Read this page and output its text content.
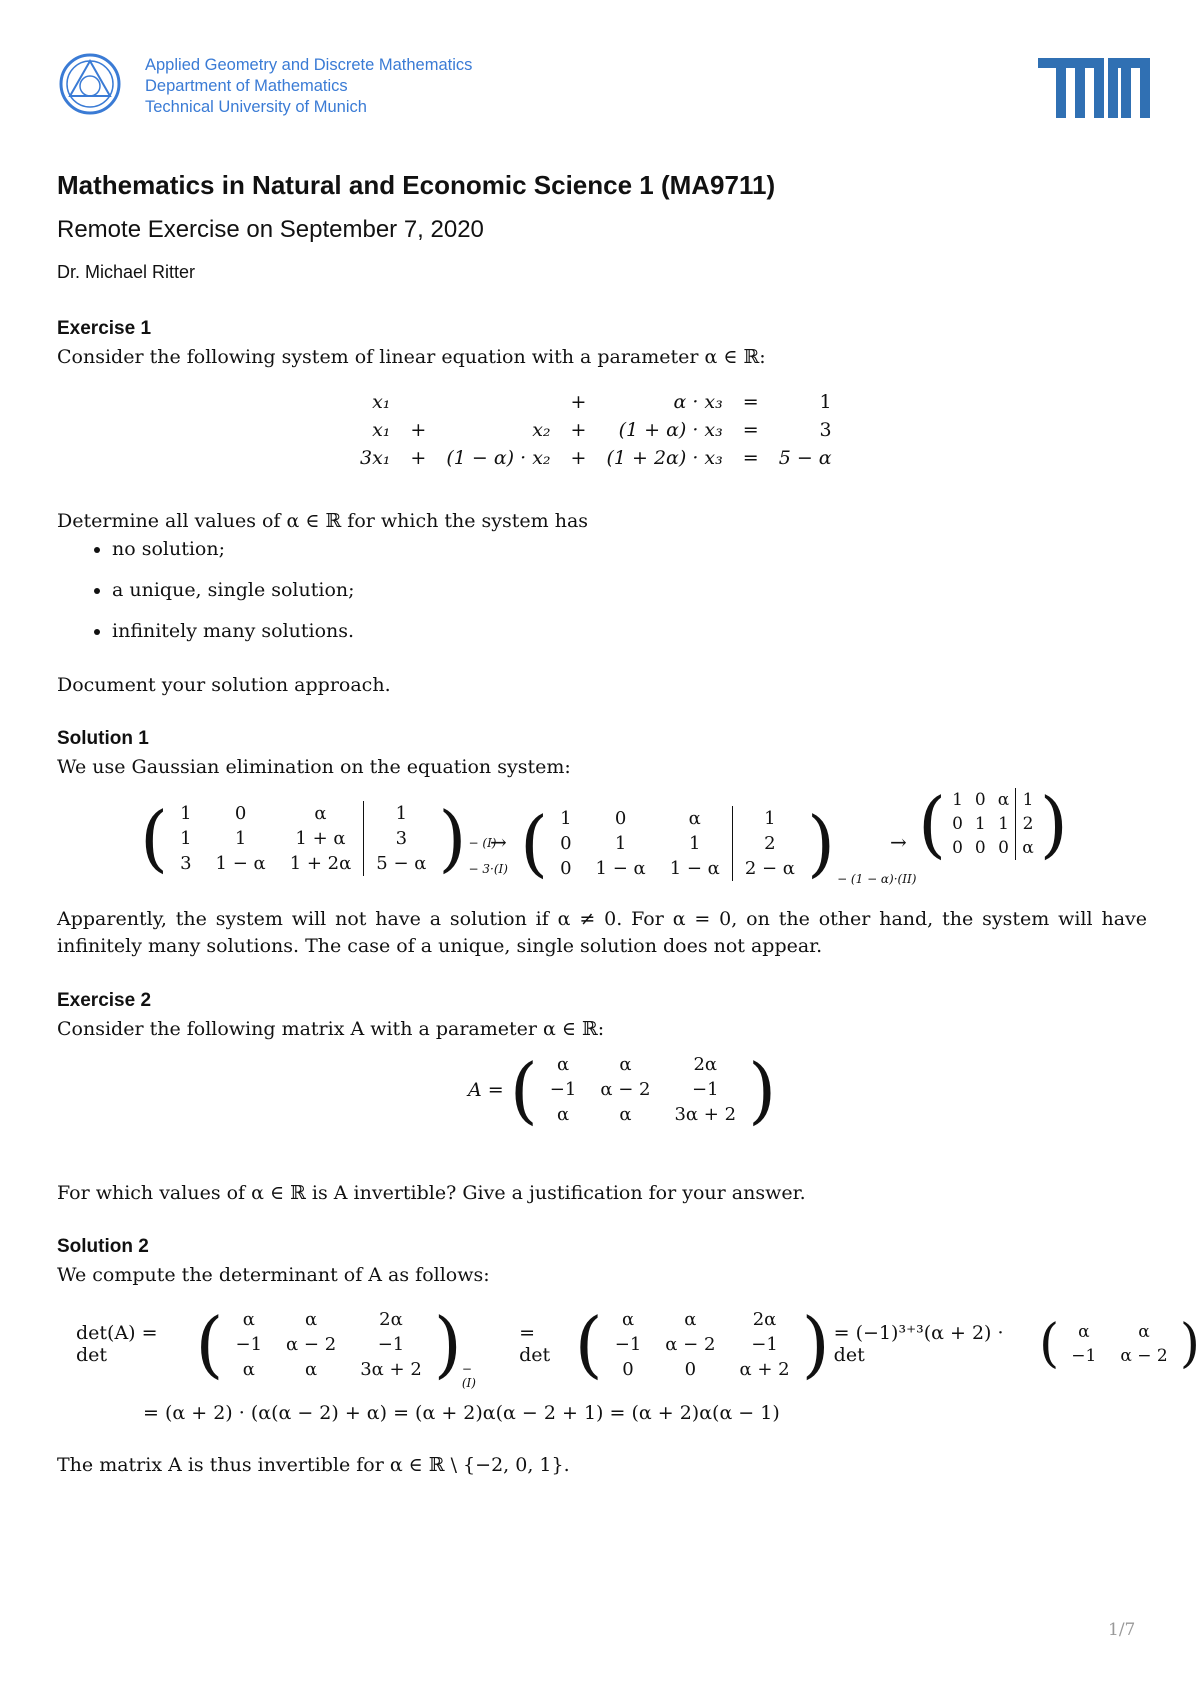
Applied Geometry and Discrete Mathematics
Department of Mathematics
Technical University of Munich
TUM
Mathematics in Natural and Economic Science 1 (MA9711)
Remote Exercise on September 7, 2020
Dr. Michael Ritter
Exercise 1
Consider the following system of linear equation with a parameter α ∈ ℝ:
x₁			+	α · x₃	=	1
x₁	+	x₂	+	(1 + α) · x₃	=	3
3x₁	+	(1 − α) · x₂	+	(1 + 2α) · x₃	=	5 − α
Determine all values of α ∈ ℝ for which the system has
• no solution;
• a unique, single solution;
• infinitely many solutions.
Document your solution approach.
Solution 1
We use Gaussian elimination on the equation system:
( 1	0	α	1
1	1	1 + α	3
3	1 − α	1 + 2α	5 − α ) − (I)
− 3·(I)
→ ( 1	0	α	1
0	1	1	2
0	1 − α	1 − α	2 − α ) − (1 − α)·(II)
→ ( 1	0	α	1
0	1	1	2
0	0	0	α )
Apparently, the system will not have a solution if α ≠ 0. For α = 0, on the other hand, the system will have infinitely many solutions. The case of a unique, single solution does not appear.
Exercise 2
Consider the following matrix A with a parameter α ∈ ℝ:
A = ( α	α	2α
−1	α − 2	−1
α	α	3α + 2 )
For which values of α ∈ ℝ is A invertible? Give a justification for your answer.
Solution 2
We compute the determinant of A as follows:
det(A) = det	( α	α	2α
−1	α − 2	−1
α	α	3α + 2 ) − (I)
= det ( α	α	2α
−1	α − 2	−1
0	0	α + 2 ) = (−1)³⁺³(α + 2) · det	( α	α
−1	α − 2 )
= (α + 2) · (α(α − 2) + α) = (α + 2)α(α − 2 + 1) = (α + 2)α(α − 1)
The matrix A is thus invertible for α ∈ ℝ \ {−2, 0, 1}.
1/7
